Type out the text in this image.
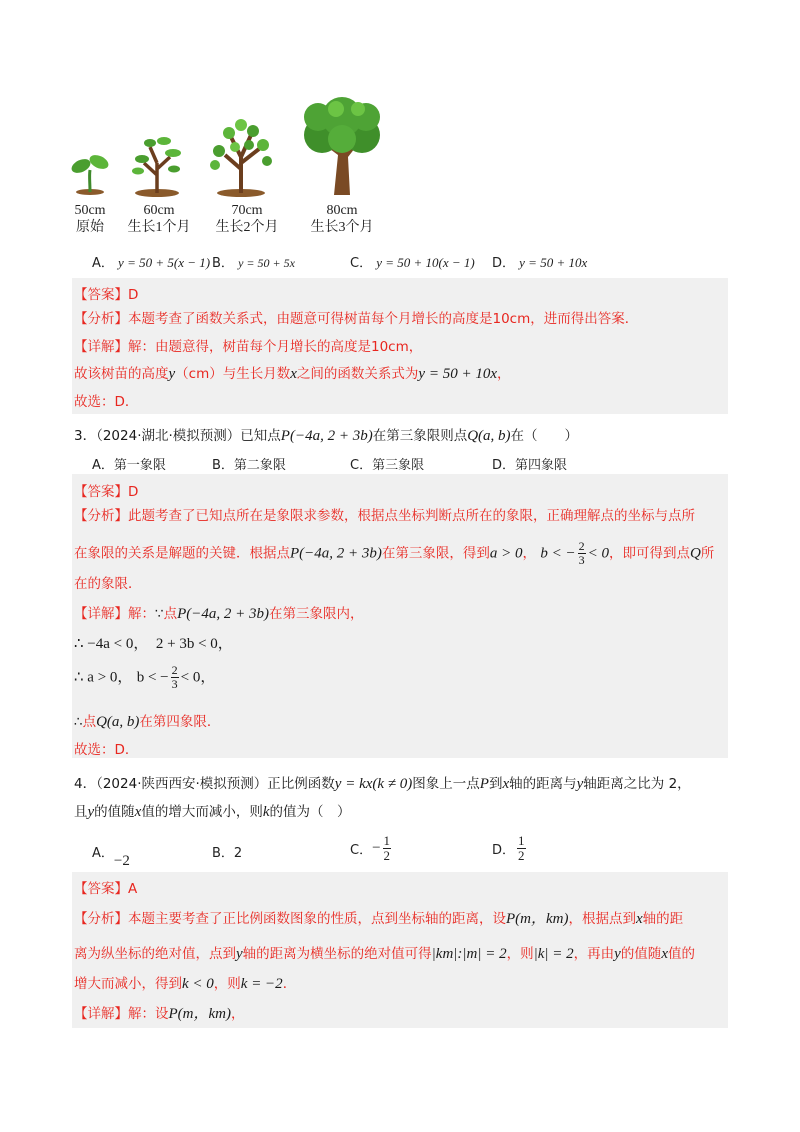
50cm
原始
60cm
生长1个月
70cm
生长2个月
80cm
生长3个月
A． y = 50 + 5(x − 1) B． y = 50 + 5x	C． y = 50 + 10(x − 1) D． y = 50 + 10x
【答案】D
【分析】本题考查了函数关系式，由题意可得树苗每个月增长的高度是10cm，进而得出答案．
【详解】解：由题意得，树苗每个月增长的高度是10cm，
故该树苗的高度y（cm）与生长月数x之间的函数关系式为y = 50 + 10x，
故选：D．
3．（2024·湖北·模拟预测）已知点P(−4a, 2 + 3b)在第三象限则点Q(a, b)在（　　）
A．第一象限	B．第二象限	C．第三象限	D．第四象限
【答案】D
【分析】此题考查了已知点所在是象限求参数，根据点坐标判断点所在的象限，正确理解点的坐标与点所
在象限的关系是解题的关键．根据点P(−4a, 2 + 3b)在第三象限，得到a > 0， b < − $\frac{2}{3} < 0$，即可得到点Q所
在的象限．
【详解】解：∵点P(−4a, 2 + 3b)在第三象限内，
∴ −4a < 0，　2 + 3b < 0，
∴ a > 0， b < − $\frac{2}{3} < 0$，
∴点Q(a, b)在第四象限．
故选：D．
4．（2024·陕西西安·模拟预测）正比例函数y = kx(k ≠ 0)图象上一点P到x轴的距离与y轴距离之比为 2，
且y的值随x值的增大而减小，则k的值为（　）
A．−2	B．2	C．− $\frac{1}{2}$	D． $\frac{1}{2}$
【答案】A
【分析】本题主要考查了正比例函数图象的性质，点到坐标轴的距离，设P(m，km)，根据点到x轴的距
离为纵坐标的绝对值，点到y轴的距离为横坐标的绝对值可得|km|:|m| = 2，则|k| = 2，再由y的值随x值的
增大而减小，得到k < 0，则k = −2．
【详解】解：设P(m，km)，
